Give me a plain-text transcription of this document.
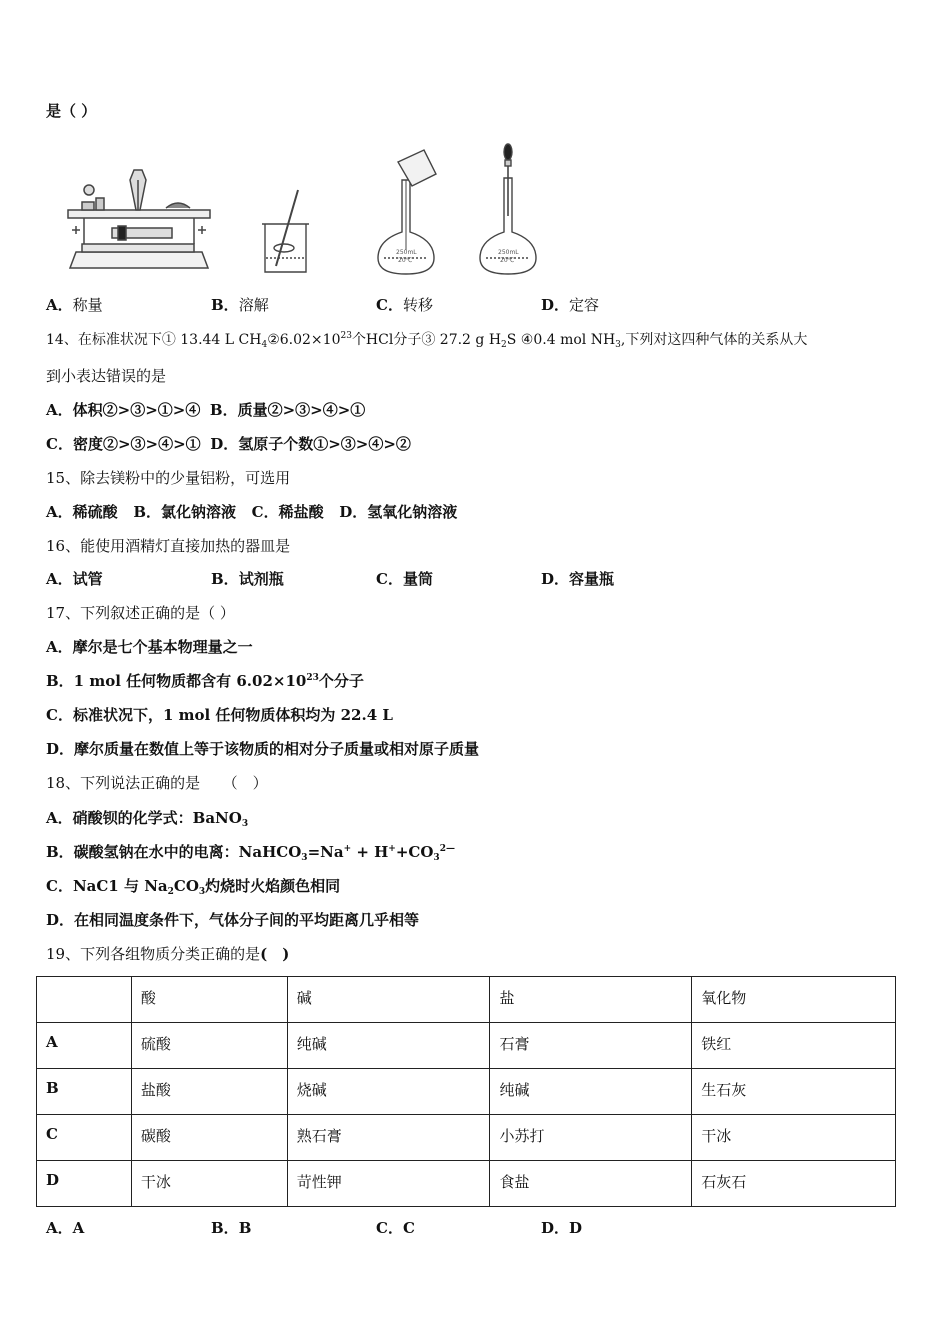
是（ ）
250mL
20℃
250mL
20℃
A．称量	B．溶解	C．转移	D．定容
14、在标准状况下① 13.44 L $CH_4②6.02\times 10^{23}$个HCl分子③ 27.2 g $H_2S$ ④0.4 mol $NH_3$,下列对这四种气体的关系从大
到小表达错误的是
A．体积②>③>①>④ B．质量②>③>④>①
C．密度②>③>④>① D．氢原子个数①>③>④>②
15、除去镁粉中的少量铝粉，可选用
A．稀硫酸 B．氯化钠溶液 C．稀盐酸 D．氢氧化钠溶液
16、能使用酒精灯直接加热的器皿是
A．试管	B．试剂瓶	C．量筒	D．容量瓶
17、下列叙述正确的是（ ）
A．摩尔是七个基本物理量之一
B．1 mol 任何物质都含有 $6.02\times 10^{23}$个分子
C．标准状况下，1 mol 任何物质体积均为 22.4 L
D．摩尔质量在数值上等于该物质的相对分子质量或相对原子质量
18、下列说法正确的是　　（　）
A．硝酸钡的化学式：BaNO$_3$
B．碳酸氢钠在水中的电离：NaHCO$_3$=Na+ + $H^++CO_3^{2—}$
C．NaC1 与 $Na_2CO_3$灼烧时火焰颜色相同
D．在相同温度条件下，气体分子间的平均距离几乎相等
19、下列各组物质分类正确的是(　)
	酸	碱	盐	氧化物
A	硫酸	纯碱	石膏	铁红
B	盐酸	烧碱	纯碱	生石灰
C	碳酸	熟石膏	小苏打	干冰
D	干冰	苛性钾	食盐	石灰石
A．A	B．B	C．C	D．D
